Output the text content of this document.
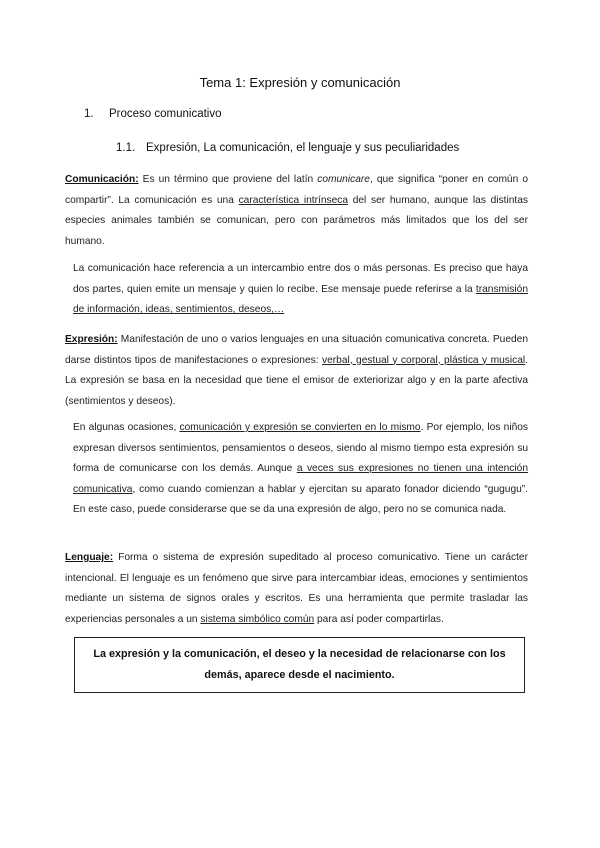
Tema 1: Expresión y comunicación
1. Proceso comunicativo
1.1. Expresión, La comunicación, el lenguaje y sus peculiaridades

Comunicación: Es un término que proviene del latín comunicare, que significa “poner en común o compartir”. La comunicación es una característica intrínseca del ser humano, aunque las distintas especies animales también se comunican, pero con parámetros más limitados que los del ser humano.

La comunicación hace referencia a un intercambio entre dos o más personas. Es preciso que haya dos partes, quien emite un mensaje y quien lo recibe. Ese mensaje puede referirse a la transmisión de información, ideas, sentimientos, deseos,…

Expresión: Manifestación de uno o varios lenguajes en una situación comunicativa concreta. Pueden darse distintos tipos de manifestaciones o expresiones: verbal, gestual y corporal, plástica y musical. La expresión se basa en la necesidad que tiene el emisor de exteriorizar algo y en la parte afectiva (sentimientos y deseos).

En algunas ocasiones, comunicación y expresión se convierten en lo mismo. Por ejemplo, los niños expresan diversos sentimientos, pensamientos o deseos, siendo al mismo tiempo esta expresión su forma de comunicarse con los demás. Aunque a veces sus expresiones no tienen una intención comunicativa, como cuando comienzan a hablar y ejercitan su aparato fonador diciendo “gugugu”. En este caso, puede considerarse que se da una expresión de algo, pero no se comunica nada.

Lenguaje: Forma o sistema de expresión supeditado al proceso comunicativo. Tiene un carácter intencional. El lenguaje es un fenómeno que sirve para intercambiar ideas, emociones y sentimientos mediante un sistema de signos orales y escritos. Es una herramienta que permite trasladar las experiencias personales a un sistema simbólico común para así poder compartirlas.

La expresión y la comunicación, el deseo y la necesidad de relacionarse con los demás, aparece desde el nacimiento.
